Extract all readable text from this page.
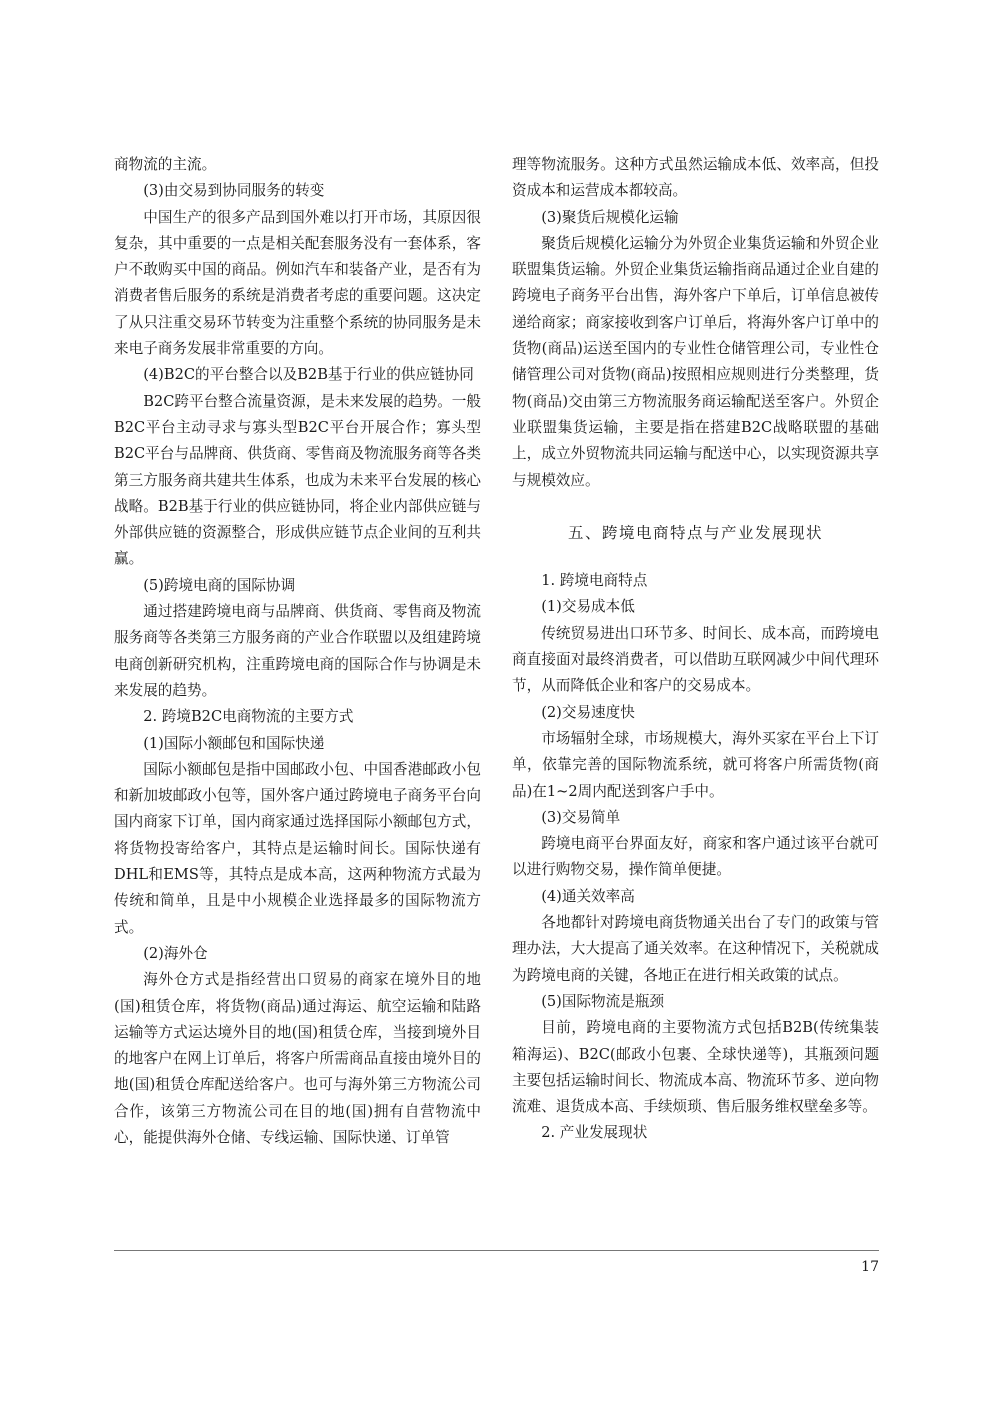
商物流的主流。

(3)由交易到协同服务的转变

中国生产的很多产品到国外难以打开市场，其原因很复杂，其中重要的一点是相关配套服务没有一套体系，客户不敢购买中国的商品。例如汽车和装备产业，是否有为消费者售后服务的系统是消费者考虑的重要问题。这决定了从只注重交易环节转变为注重整个系统的协同服务是未来电子商务发展非常重要的方向。

(4)B2C的平台整合以及B2B基于行业的供应链协同

B2C跨平台整合流量资源，是未来发展的趋势。一般B2C平台主动寻求与寡头型B2C平台开展合作；寡头型B2C平台与品牌商、供货商、零售商及物流服务商等各类第三方服务商共建共生体系，也成为未来平台发展的核心战略。B2B基于行业的供应链协同，将企业内部供应链与外部供应链的资源整合，形成供应链节点企业间的互利共赢。

(5)跨境电商的国际协调

通过搭建跨境电商与品牌商、供货商、零售商及物流服务商等各类第三方服务商的产业合作联盟以及组建跨境电商创新研究机构，注重跨境电商的国际合作与协调是未来发展的趋势。

2. 跨境B2C电商物流的主要方式

(1)国际小额邮包和国际快递

国际小额邮包是指中国邮政小包、中国香港邮政小包和新加坡邮政小包等，国外客户通过跨境电子商务平台向国内商家下订单，国内商家通过选择国际小额邮包方式，将货物投寄给客户，其特点是运输时间长。国际快递有DHL和EMS等，其特点是成本高，这两种物流方式最为传统和简单，且是中小规模企业选择最多的国际物流方式。

(2)海外仓

海外仓方式是指经营出口贸易的商家在境外目的地(国)租赁仓库，将货物(商品)通过海运、航空运输和陆路运输等方式运达境外目的地(国)租赁仓库，当接到境外目的地客户在网上订单后，将客户所需商品直接由境外目的地(国)租赁仓库配送给客户。也可与海外第三方物流公司合作，该第三方物流公司在目的地(国)拥有自营物流中心，能提供海外仓储、专线运输、国际快递、订单管

理等物流服务。这种方式虽然运输成本低、效率高，但投资成本和运营成本都较高。

(3)聚货后规模化运输

聚货后规模化运输分为外贸企业集货运输和外贸企业联盟集货运输。外贸企业集货运输指商品通过企业自建的跨境电子商务平台出售，海外客户下单后，订单信息被传递给商家；商家接收到客户订单后，将海外客户订单中的货物(商品)运送至国内的专业性仓储管理公司，专业性仓储管理公司对货物(商品)按照相应规则进行分类整理，货物(商品)交由第三方物流服务商运输配送至客户。外贸企业联盟集货运输，主要是指在搭建B2C战略联盟的基础上，成立外贸物流共同运输与配送中心，以实现资源共享与规模效应。

五、跨境电商特点与产业发展现状

1. 跨境电商特点

(1)交易成本低

传统贸易进出口环节多、时间长、成本高，而跨境电商直接面对最终消费者，可以借助互联网减少中间代理环节，从而降低企业和客户的交易成本。

(2)交易速度快

市场辐射全球，市场规模大，海外买家在平台上下订单，依靠完善的国际物流系统，就可将客户所需货物(商品)在1~2周内配送到客户手中。

(3)交易简单

跨境电商平台界面友好，商家和客户通过该平台就可以进行购物交易，操作简单便捷。

(4)通关效率高

各地都针对跨境电商货物通关出台了专门的政策与管理办法，大大提高了通关效率。在这种情况下，关税就成为跨境电商的关键，各地正在进行相关政策的试点。

(5)国际物流是瓶颈

目前，跨境电商的主要物流方式包括B2B(传统集装箱海运)、B2C(邮政小包裹、全球快递等)，其瓶颈问题主要包括运输时间长、物流成本高、物流环节多、逆向物流难、退货成本高、手续烦琐、售后服务维权壁垒多等。

2. 产业发展现状

17
